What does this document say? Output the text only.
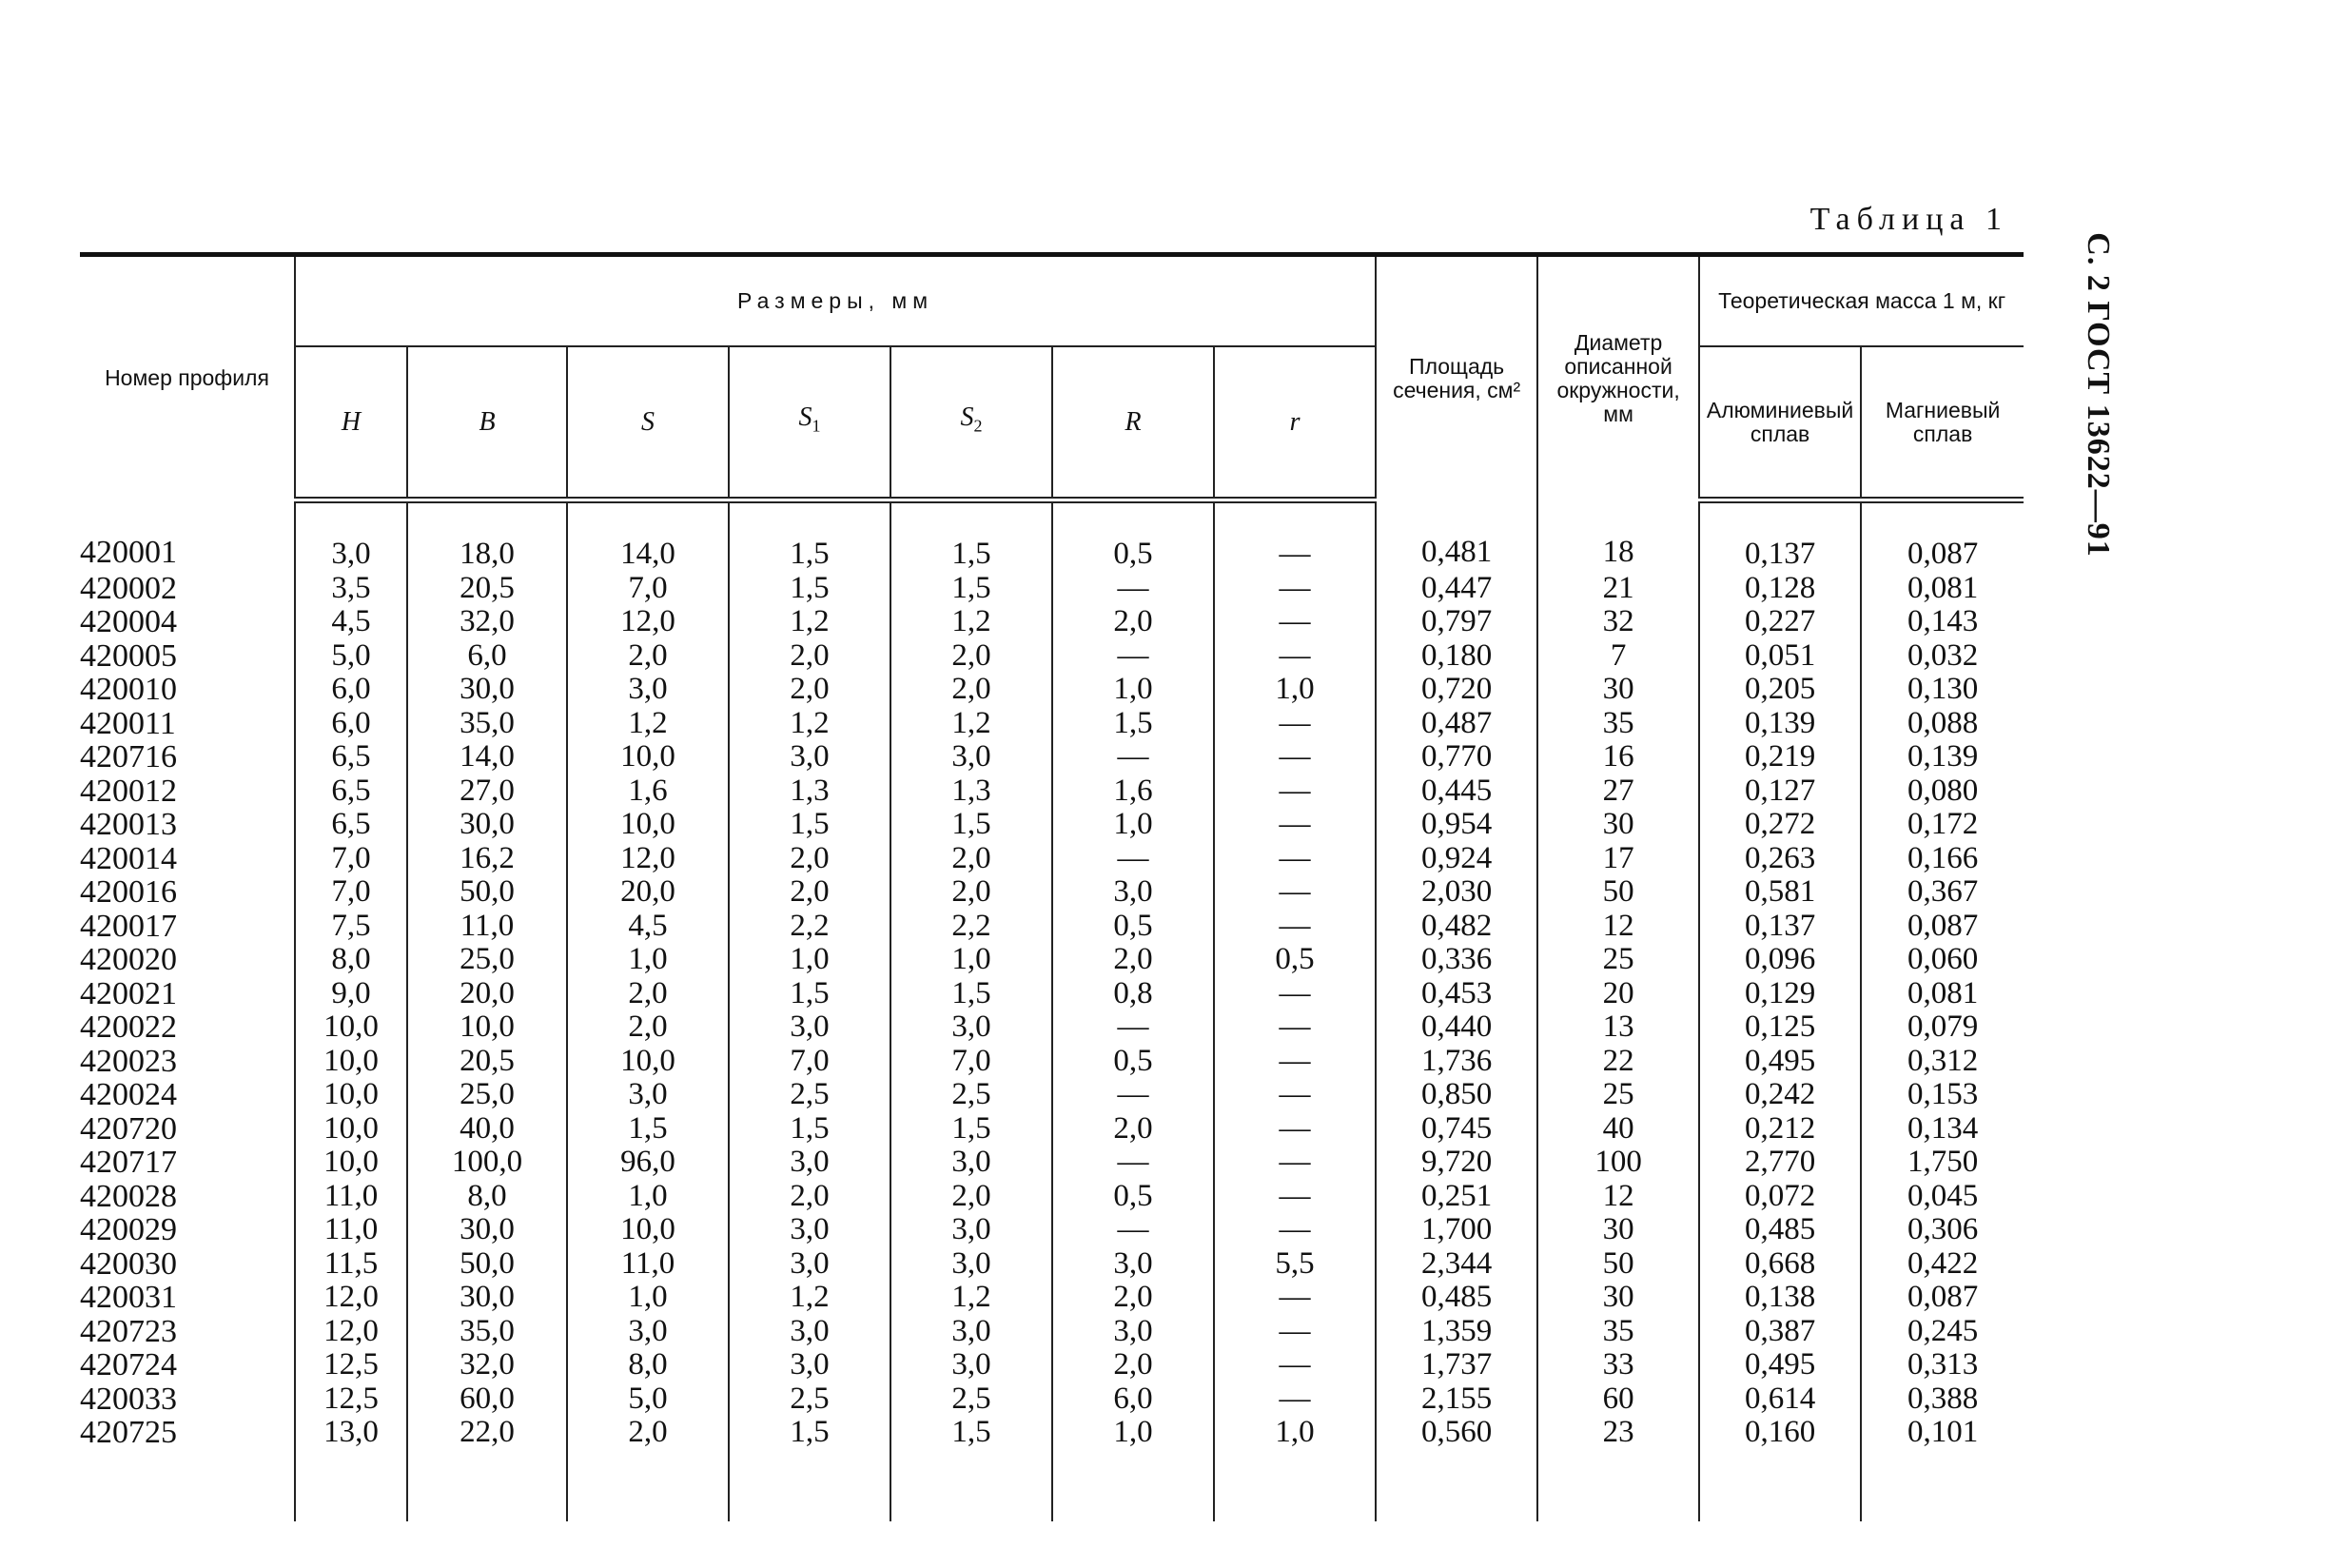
С. 2 ГОСТ 13622—91
Таблица 1
Номер профиля	Размеры, мм							Площадь сечения, см²	Диаметр описанной окружности, мм	Теоретическая масса 1 м, кг	
	H	B	S	$S_1$	$S_2$	R	r			Алюминиевый сплав	Магниевый сплав
420001	3,0	18,0	14,0	1,5	1,5	0,5	—	0,481	18	0,137	0,087
420002	3,5	20,5	7,0	1,5	1,5	—	—	0,447	21	0,128	0,081
420004	4,5	32,0	12,0	1,2	1,2	2,0	—	0,797	32	0,227	0,143
420005	5,0	6,0	2,0	2,0	2,0	—	—	0,180	7	0,051	0,032
420010	6,0	30,0	3,0	2,0	2,0	1,0	1,0	0,720	30	0,205	0,130
420011	6,0	35,0	1,2	1,2	1,2	1,5	—	0,487	35	0,139	0,088
420716	6,5	14,0	10,0	3,0	3,0	—	—	0,770	16	0,219	0,139
420012	6,5	27,0	1,6	1,3	1,3	1,6	—	0,445	27	0,127	0,080
420013	6,5	30,0	10,0	1,5	1,5	1,0	—	0,954	30	0,272	0,172
420014	7,0	16,2	12,0	2,0	2,0	—	—	0,924	17	0,263	0,166
420016	7,0	50,0	20,0	2,0	2,0	3,0	—	2,030	50	0,581	0,367
420017	7,5	11,0	4,5	2,2	2,2	0,5	—	0,482	12	0,137	0,087
420020	8,0	25,0	1,0	1,0	1,0	2,0	0,5	0,336	25	0,096	0,060
420021	9,0	20,0	2,0	1,5	1,5	0,8	—	0,453	20	0,129	0,081
420022	10,0	10,0	2,0	3,0	3,0	—	—	0,440	13	0,125	0,079
420023	10,0	20,5	10,0	7,0	7,0	0,5	—	1,736	22	0,495	0,312
420024	10,0	25,0	3,0	2,5	2,5	—	—	0,850	25	0,242	0,153
420720	10,0	40,0	1,5	1,5	1,5	2,0	—	0,745	40	0,212	0,134
420717	10,0	100,0	96,0	3,0	3,0	—	—	9,720	100	2,770	1,750
420028	11,0	8,0	1,0	2,0	2,0	0,5	—	0,251	12	0,072	0,045
420029	11,0	30,0	10,0	3,0	3,0	—	—	1,700	30	0,485	0,306
420030	11,5	50,0	11,0	3,0	3,0	3,0	5,5	2,344	50	0,668	0,422
420031	12,0	30,0	1,0	1,2	1,2	2,0	—	0,485	30	0,138	0,087
420723	12,0	35,0	3,0	3,0	3,0	3,0	—	1,359	35	0,387	0,245
420724	12,5	32,0	8,0	3,0	3,0	2,0	—	1,737	33	0,495	0,313
420033	12,5	60,0	5,0	2,5	2,5	6,0	—	2,155	60	0,614	0,388
420725	13,0	22,0	2,0	1,5	1,5	1,0	1,0	0,560	23	0,160	0,101
